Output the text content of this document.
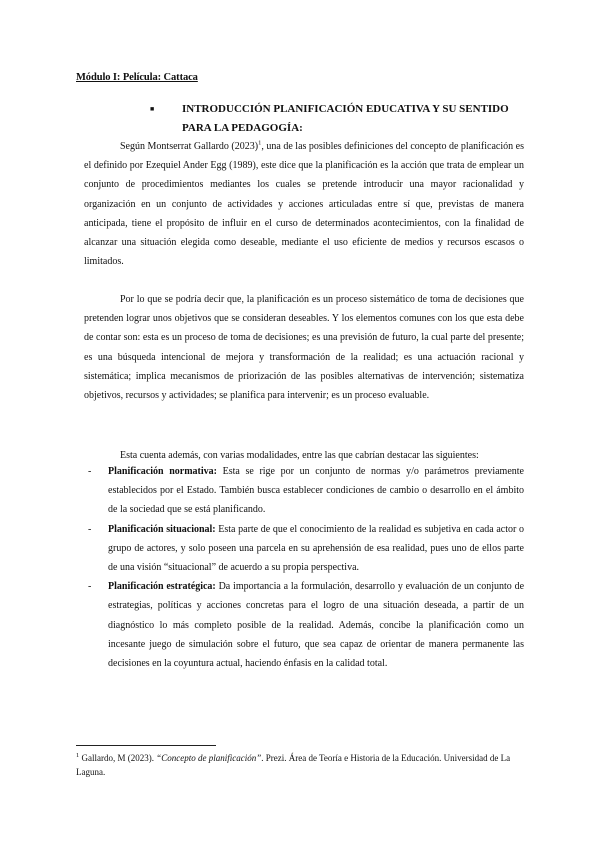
Módulo I: Película: Cattaca
■	INTRODUCCIÓN PLANIFICACIÓN EDUCATIVA Y SU SENTIDO PARA LA PEDAGOGÍA:

Según Montserrat Gallardo $(2023)^1$, una de las posibles definiciones del concepto de planificación es el definido por Ezequiel Ander Egg (1989), este dice que la planificación es la acción que trata de emplear un conjunto de procedimientos mediantes los cuales se pretende introducir una mayor racionalidad y organización en un conjunto de actividades y acciones articuladas entre sí que, previstas de manera anticipada, tiene el propósito de influir en el curso de determinados acontecimientos, con la finalidad de alcanzar una situación elegida como deseable, mediante el uso eficiente de medios y recursos escasos o limitados.

Por lo que se podría decir que, la planificación es un proceso sistemático de toma de decisiones que pretenden lograr unos objetivos que se consideran deseables. Y los elementos comunes con los que esta debe de contar son: esta es un proceso de toma de decisiones; es una previsión de futuro, la cual parte del presente; es una búsqueda intencional de mejora y transformación de la realidad; es una actuación racional y sistemática; implica mecanismos de priorización de las posibles alternativas de intervención; sistematiza objetivos, recursos y actividades; se planifica para intervenir; es un proceso evaluable.

Esta cuenta además, con varias modalidades, entre las que cabrían destacar las siguientes:

- Planificación normativa: Esta se rige por un conjunto de normas y/o parámetros previamente establecidos por el Estado. También busca establecer condiciones de cambio o desarrollo en el ámbito de la sociedad que se está planificando.
- Planificación situacional: Esta parte de que el conocimiento de la realidad es subjetiva en cada actor o grupo de actores, y solo poseen una parcela en su aprehensión de esa realidad, pues uno de ellos parte de una visión “situacional” de acuerdo a su propia perspectiva.
- Planificación estratégica: Da importancia a la formulación, desarrollo y evaluación de un conjunto de estrategias, políticas y acciones concretas para el logro de una situación deseada, a partir de un diagnóstico lo más completo posible de la realidad. Además, concibe la planificación como un incesante juego de simulación sobre el futuro, que sea capaz de orientar de manera permanente las decisiones en la coyuntura actual, haciendo énfasis en la calidad total.
$^1$ Gallardo, M (2023). “Concepto de planificación”. Prezi. Área de Teoría e Historia de la Educación. Universidad de La Laguna.
